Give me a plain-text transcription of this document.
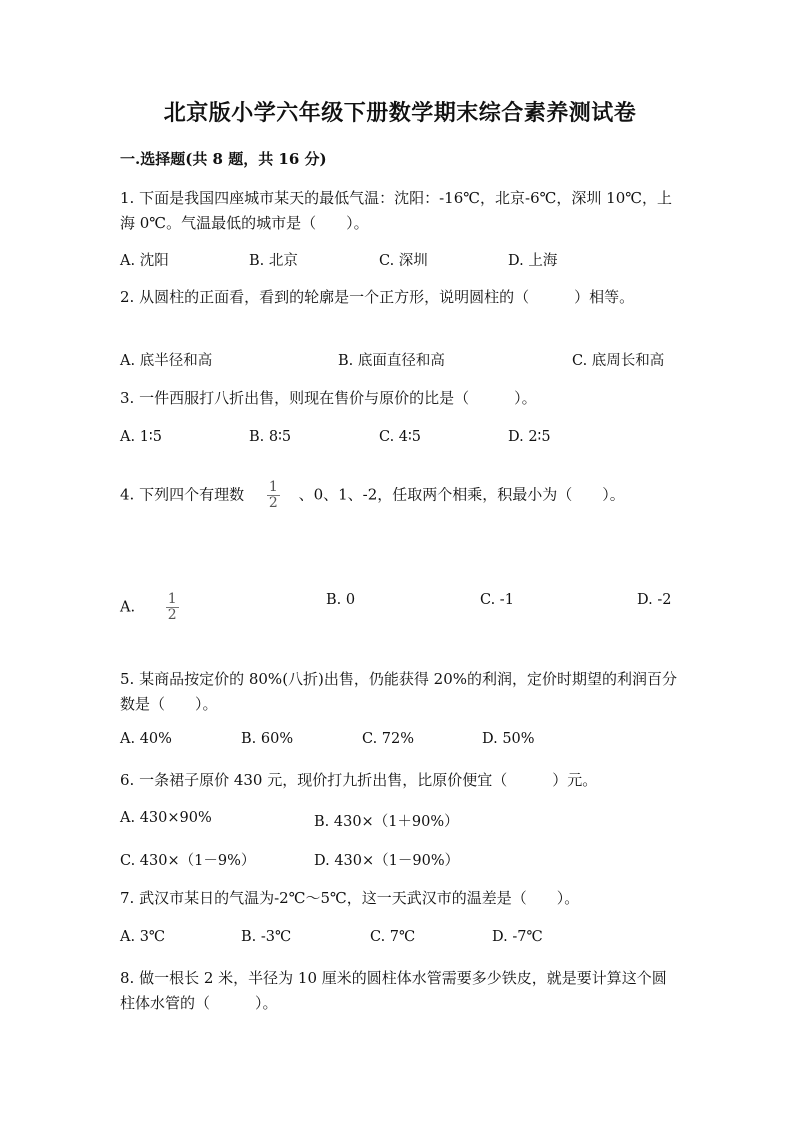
北京版小学六年级下册数学期末综合素养测试卷
一.选择题(共 8 题，共 16 分)
1. 下面是我国四座城市某天的最低气温：沈阳：-16℃，北京-6℃，深圳 10℃，上海 0℃。气温最低的城市是（　　）。
A. 沈阳	B. 北京	C. 深圳	D. 上海
2. 从圆柱的正面看，看到的轮廓是一个正方形，说明圆柱的（　　　）相等。
A. 底半径和高	B. 底面直径和高	C. 底周长和高
3. 一件西服打八折出售，则现在售价与原价的比是（　　　）。
A. 1∶5	B. 8∶5	C. 4∶5	D. 2∶5
4. 下列四个有理数 $\frac{1}{2}$ 、0、1、-2，任取两个相乘，积最小为（　　）。
A. $\frac{1}{2}$	B. 0	C. -1	D. -2
5. 某商品按定价的 80%(八折)出售，仍能获得 20%的利润，定价时期望的利润百分数是（　　）。
A. 40%	B. 60%	C. 72%	D. 50%
6. 一条裙子原价 430 元，现价打九折出售，比原价便宜（　　　）元。
A. 430×90%	B. 430×（1＋90%）
C. 430×（1－9%）	D. 430×（1－90%）
7. 武汉市某日的气温为-2℃～5℃，这一天武汉市的温差是（　　）。
A. 3℃	B. -3℃	C. 7℃	D. -7℃
8. 做一根长 2 米，半径为 10 厘米的圆柱体水管需要多少铁皮，就是要计算这个圆柱体水管的（　　　）。
